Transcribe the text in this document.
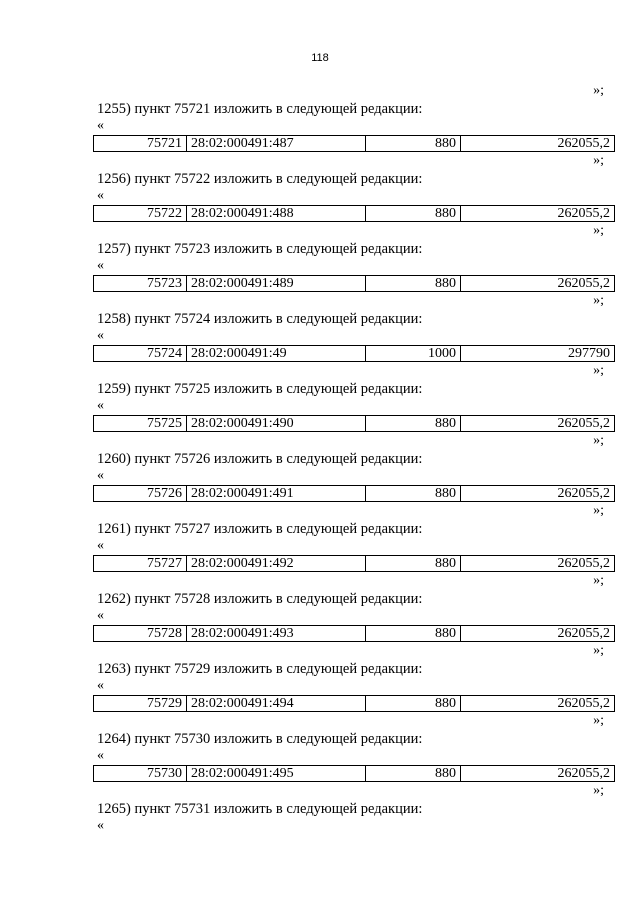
118
»;
1255) пункт 75721 изложить в следующей редакции:
«
75721	28:02:000491:487	880	262055,2
»;
1256) пункт 75722 изложить в следующей редакции:
«
75722	28:02:000491:488	880	262055,2
»;
1257) пункт 75723 изложить в следующей редакции:
«
75723	28:02:000491:489	880	262055,2
»;
1258) пункт 75724 изложить в следующей редакции:
«
75724	28:02:000491:49	1000	297790
»;
1259) пункт 75725 изложить в следующей редакции:
«
75725	28:02:000491:490	880	262055,2
»;
1260) пункт 75726 изложить в следующей редакции:
«
75726	28:02:000491:491	880	262055,2
»;
1261) пункт 75727 изложить в следующей редакции:
«
75727	28:02:000491:492	880	262055,2
»;
1262) пункт 75728 изложить в следующей редакции:
«
75728	28:02:000491:493	880	262055,2
»;
1263) пункт 75729 изложить в следующей редакции:
«
75729	28:02:000491:494	880	262055,2
»;
1264) пункт 75730 изложить в следующей редакции:
«
75730	28:02:000491:495	880	262055,2
»;
1265) пункт 75731 изложить в следующей редакции:
«
